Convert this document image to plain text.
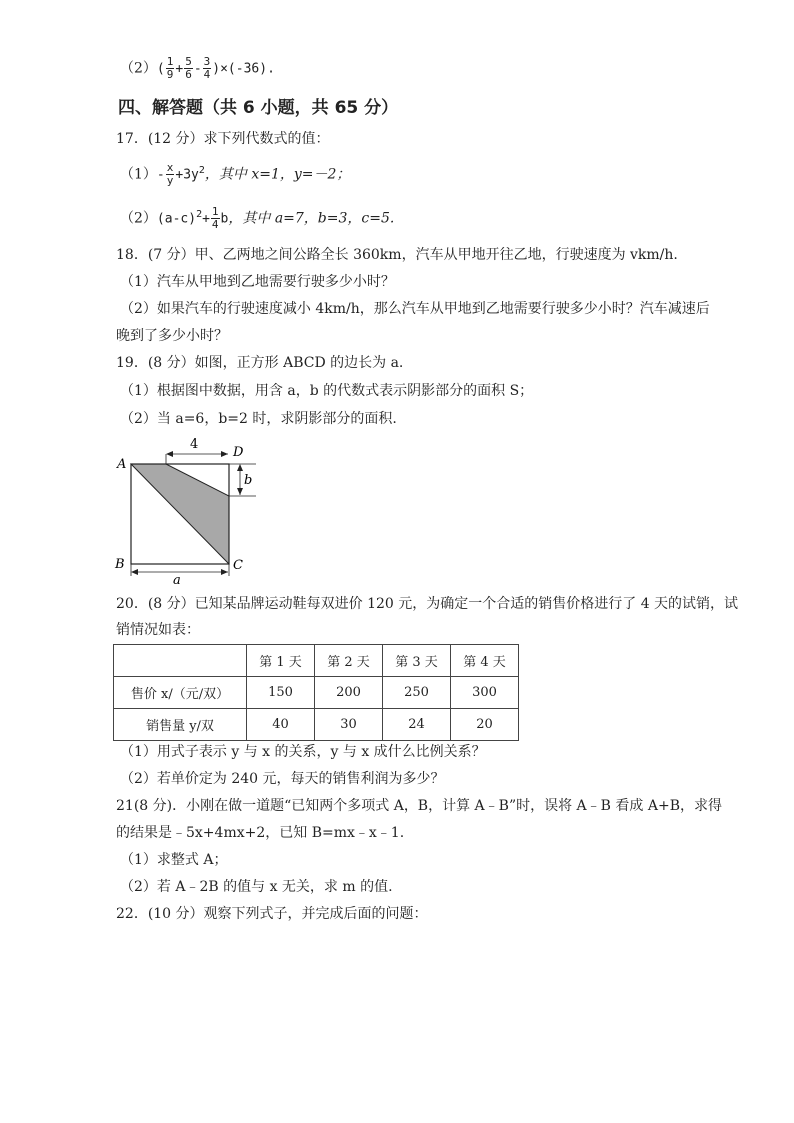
$(2)( \frac{1}{9} + \frac{5}{6} - \frac{3}{4} )\times(-36)$.
四、解答题（共 6 小题，共 65 分）
17．(12 分）求下列代数式的值：
$(1)- \frac{x}{y} +3y^2$，其中 x=1，y=－2；
$(2)(a-c)^2+ \frac{1}{4}$ b，其中 a=7，b=3，c=5.
18．(7 分）甲、乙两地之间公路全长 360km，汽车从甲地开往乙地，行驶速度为 vkm/h.
（1）汽车从甲地到乙地需要行驶多少小时？
（2）如果汽车的行驶速度减小 4km/h，那么汽车从甲地到乙地需要行驶多少小时？汽车减速后
晚到了多少小时？
19．(8 分）如图，正方形 ABCD 的边长为 a.
（1）根据图中数据，用含 a，b 的代数式表示阴影部分的面积 S；
（2）当 a=6，b=2 时，求阴影部分的面积.
A
D
B	C
4
b
a
20．(8 分）已知某品牌运动鞋每双进价 120 元，为确定一个合适的销售价格进行了 4 天的试销，试
销情况如表：
	第 1 天	第 2 天	第 3 天	第 4 天
售价 x/（元/双）	150	200	250	300
销售量 y/双	40	30	24	20
（1）用式子表示 y 与 x 的关系，y 与 x 成什么比例关系？
（2）若单价定为 240 元，每天的销售利润为多少？
21(8 分)．小刚在做一道题“已知两个多项式 A，B，计算 A﹣B”时，误将 A﹣B 看成 A+B，求得
的结果是﹣5x+4mx+2，已知 B=mx﹣x﹣1.
（1）求整式 A；
（2）若 A﹣2B 的值与 x 无关，求 m 的值.
22．(10 分）观察下列式子，并完成后面的问题：
